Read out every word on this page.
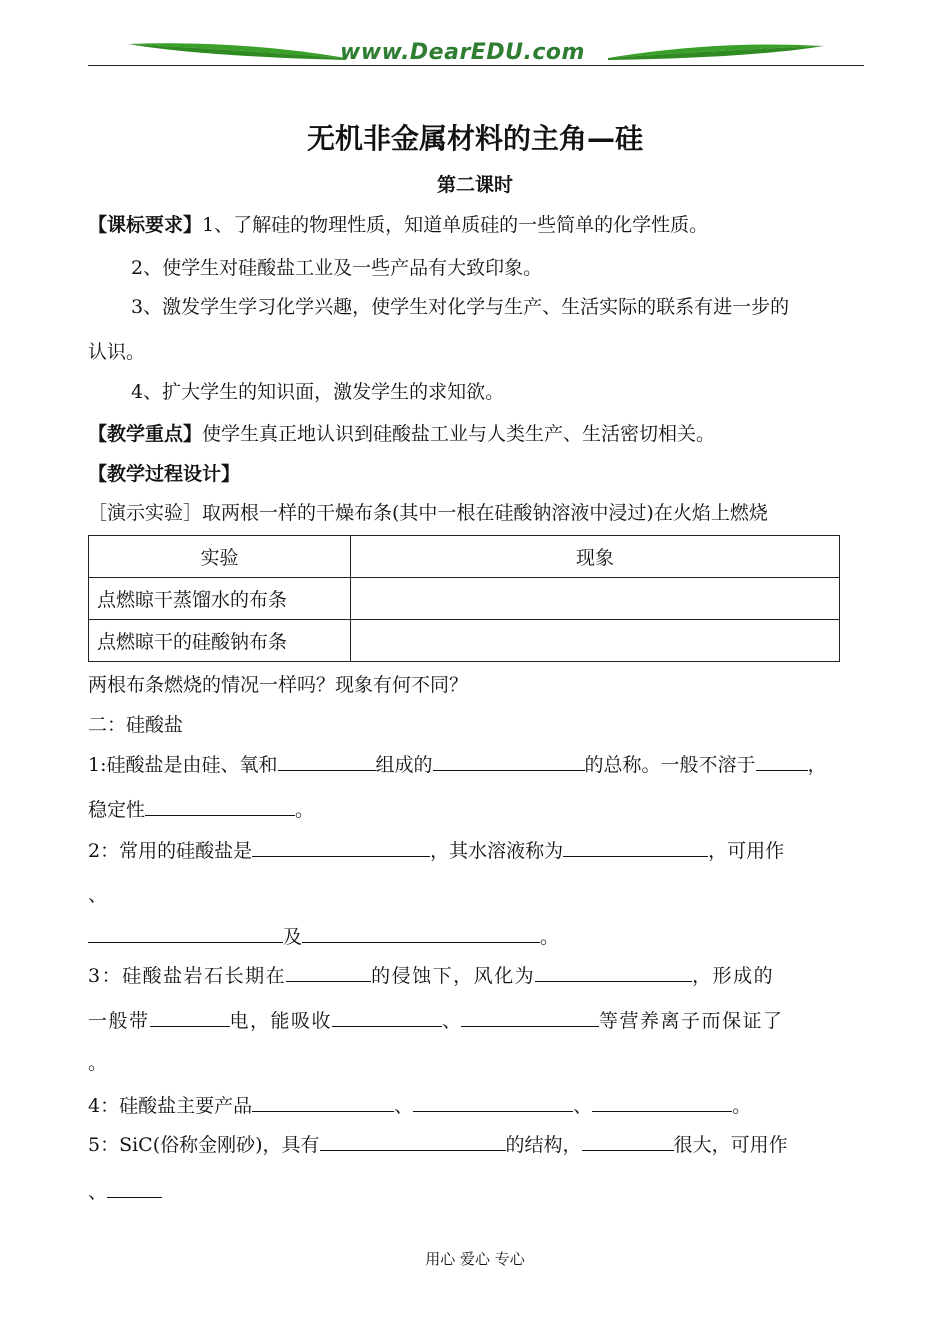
www.DearEDU.com
无机非金属材料的主角—硅
第二课时
【课标要求】1、了解硅的物理性质，知道单质硅的一些简单的化学性质。
2、使学生对硅酸盐工业及一些产品有大致印象。
3、激发学生学习化学兴趣，使学生对化学与生产、生活实际的联系有进一步的
认识。
4、扩大学生的知识面，激发学生的求知欲。
【教学重点】使学生真正地认识到硅酸盐工业与人类生产、生活密切相关。
【教学过程设计】
［演示实验］取两根一样的干燥布条(其中一根在硅酸钠溶液中浸过)在火焰上燃烧
实验	现象
点燃晾干蒸馏水的布条	
点燃晾干的硅酸钠布条	
两根布条燃烧的情况一样吗？现象有何不同？
二：硅酸盐
1:硅酸盐是由硅、氧和	组成的	的总称。一般不溶于	，
稳定性	。
2：常用的硅酸盐是	，其水溶液称为	，可用作
、
及	。
3：硅酸盐岩石长期在	的侵蚀下，风化为	，形成的
一般带	电，能吸收	、	等营养离子而保证了
。
4：硅酸盐主要产品	、	、	。
5：SiC(俗称金刚砂)，具有	的结构，	很大，可用作
、
用心 爱心 专心
